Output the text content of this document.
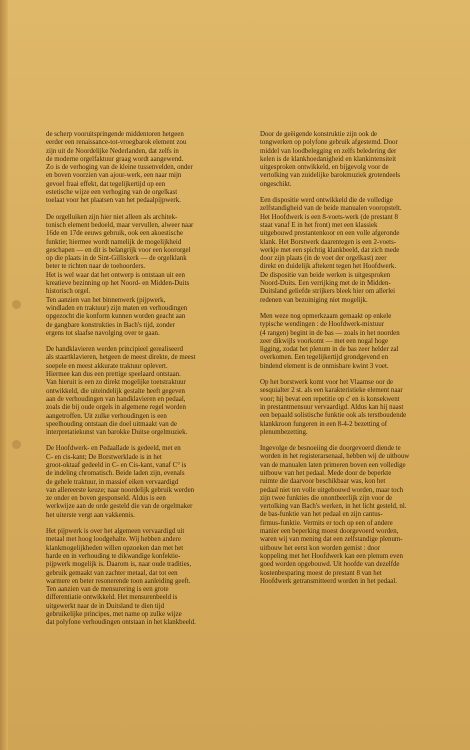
de scherp vooruitspringende middentoren hetgeen
eerder een renaissance-tot-vroegbarok element zou
zijn uit de Noordelijke Nederlanden, dat zelfs in
de moderne orgelfaktuur graag wordt aangewend.
Zo is de verhoging van de kleine tussenvelden, onder
en boven voorzien van ajour-werk, een naar mijn
gevoel fraai effekt, dat tegelijkertijd op een
estetische wijze een verhoging van de orgelkast
toelaat voor het plaatsen van het pedaalpijpwerk.

De orgelluiken zijn hier niet alleen als architek-
tonisch element bedoeld, maar vervullen, alweer naar
16de en 17de eeuws gebruik, ook een akoestische
funktie; hiermee wordt namelijk de mogelijkheid
geschapen — en dit is belangrijk voor een koororgel
op die plaats in de Sint-Gilliskerk — de orgelklank
beter te richten naar de toehoorders.
Het is wel waar dat het ontwerp is ontstaan uit een
kreatieve bezinning op het Noord- en Midden-Duits
historisch orgel.
Ten aanzien van het binnenwerk (pijpwerk,
windladen en traktuur) zijn maten en verhoudingen
opgezocht die konform kunnen worden geacht aan
de gangbare konstrukties in Bach's tijd, zonder
ergens tot slaafse navolging over te gaan.

De handklavieren werden principieel gerealiseerd
als staartklavieren, hetgeen de meest direkte, de meest
soepele en meest akkurate traktuur oplevert.
Hiermee kan dus een prettige speelaard ontstaan.
Van hieruit is een zo direkt mogelijke toetstraktuur
ontwikkeld, die uiteindelijk gestalte heeft gegeven
aan de verhoudingen van handklavieren en pedaal,
zoals die bij oude orgels in algemene regel worden
aangetroffen. Uit zulke verhoudingen is een
speelhouding ontstaan die doel uitmaakt van de
interpretatiekunst van barokke Duitse orgelmuziek.

De Hoofdwerk- en Pedaallade is gedeeld, met en
C- en cis-kant; De Borstwerklade is in het
groot-oktaaf gedeeld in C- en Cis-kant, vanaf C° is
de indeling chromatisch. Beide laden zijn, evenals
de gehele traktuur, in massief eiken vervaardigd
van allereerste keuze; naar noordelijk gebruik werden
ze onder en boven gesponseld. Aldus is een
werkwijze aan de orde gesteld die van de orgelmaker
het uiterste vergt aan vakkennis.

Het pijpwerk is over het algemeen vervaardigd uit
metaal met hoog loodgehalte. Wij hebben andere
klankmogelijkheden willen opzoeken dan met het
harde en in verhouding te dikwandige konfektie-
pijpwerk mogelijk is. Daarom is, naar oude tradities,
gebruik gemaakt van zachter metaal, dat tot een
warmere en beter resonerende toon aanleiding geeft.
Ten aanzien van de mensurering is een grote
differentiatie ontwikkeld. Het mensurenbeeld is
uitgewerkt naar de in Duitsland te dien tijd
gebruikelijke principes, met name op zulke wijze
dat polyfone verhoudingen ontstaan in het klankbeeld.

Door de geëigende konstruktie zijn ook de
tongwerken op polyfone gebruik afgestemd. Door
middel van loodbelegging en zelfs beledering der
kelen is de klankhoedanigheid en klankintensiteit
uitgesproken ontwikkeld, en bijgevolg voor de
vertolking van zuidelijke barokmuziek grotendeels
ongeschikt.

Een dispositie werd ontwikkeld die de volledige
zelfstandigheid van de beide manualen vooropstelt.
Het Hoofdwerk is een 8-voets-werk (de prestant 8
staat vanaf E in het front) met een klassiek
uitgebouwd prestantenkoor en een volle afgeronde
klank. Het Borstwerk daarentegen is een 2-voets-
werkje met een spichtig klankbeeld, dat zich mede
door zijn plaats (in de voet der orgelkast) zeer
direkt en duidelijk aftekent tegen het Hoofdwerk.
De dispositie van beide werken is uitgesproken
Noord-Duits. Een verrijking met de in Midden-
Duitsland geliefde strijkers bleek hier om allerlei
redenen van bezuiniging niet mogelijk.

Men weze nog opmerkzaam gemaakt op enkele
typische wendingen : de Hoofdwerk-mixtuur
(4 rangen) begint in de bas — zoals in het noorden
zeer dikwijls voorkomt — met een nogal hoge
ligging, zodat het plenum in de bas zeer helder zal
overkomen. Een tegelijkertijd grondgevend en
bindend element is de onmisbare kwint 3 voet.

Op het borstwerk komt voor het Vlaamse oor de
sesquialter 2 st. als een karakteristieke element naar
voor; hij bevat een repetitie op c' en is konsekwent
in prestantmensuur vervaardigd. Aldus kan hij naast
een bepaald solistische funktie ook als terstboudende
klankkroon fungeren in een 8-4-2 bezetting of
plenumbezetting.

Ingevolge de besnoeiing die doorgevoerd diende te
worden in het registerarsenaal, hebben wij de uitbouw
van de manualen laten primeren boven een volledige
uitbouw van het pedaal. Mede door de beperkte
ruimte die daarvoor beschikbaar was, kon het
pedaal niet ten volle uitgebouwd worden, maar toch
zijn twee funkties die onontbeerlijk zijn voor de
vertolking van Bach's werken, in het licht gesteld, nl.
de bas-funktie van het pedaal en zijn cantus-
firmus-funktie. Vermits er toch op een of andere
manier een beperking moest doorgevoerd worden,
waren wij van mening dat een zelfstandige plenum-
uitbouw het eerst kon worden gemist : door
koppeling met het Hoofdwerk kan een plenum even
goed worden opgebouwd. Uit hoofde van dezelfde
kostenbesparing moest de prestant 8 van het
Hoofdwerk getransmitteerd worden in het pedaal.
